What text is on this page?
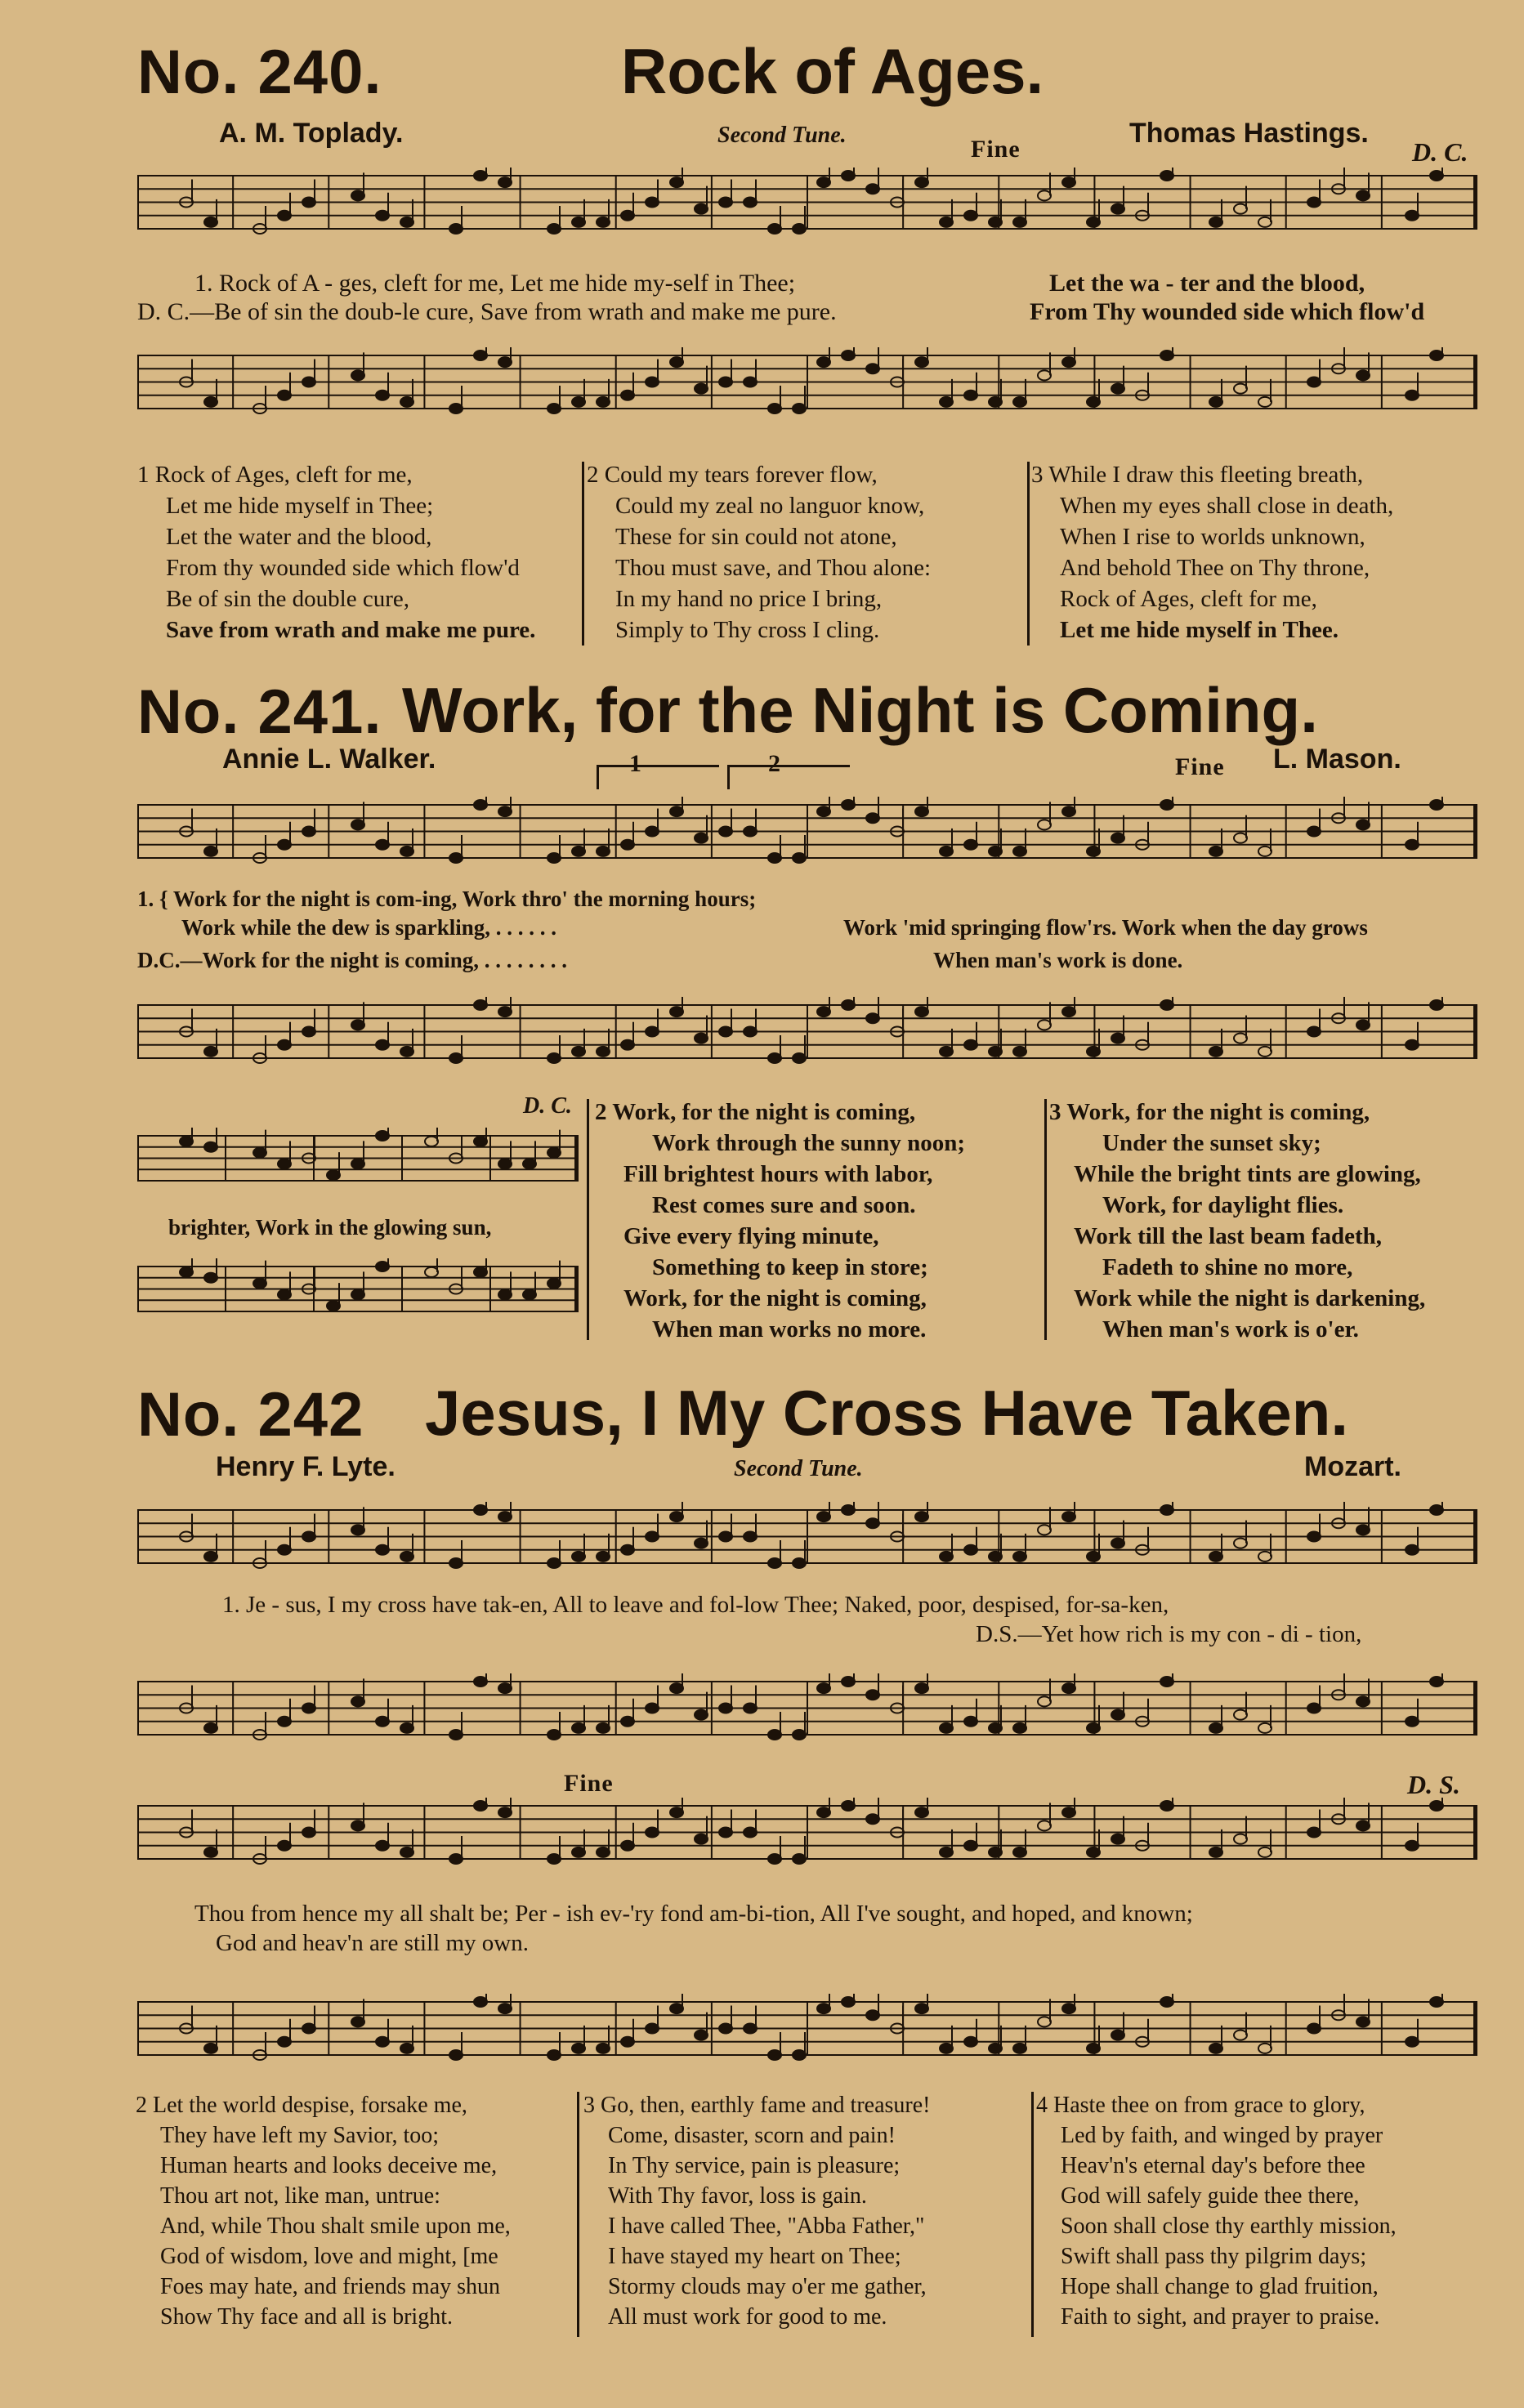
No. 240.	Rock of Ages.
A. M. Toplady.	Second Tune.
Fine
Thomas Hastings.
D. C.
1. Rock of A - ges, cleft for me, Let me hide my-self in Thee;	Let the wa - ter and the blood,
D. C.—Be of sin the doub-le cure, Save from wrath and make me pure.	From Thy wounded side which flow'd
1 Rock of Ages, cleft for me,
Let me hide myself in Thee;
Let the water and the blood,
From thy wounded side which flow'd
Be of sin the double cure,
Save from wrath and make me pure.
2 Could my tears forever flow,
Could my zeal no languor know,
These for sin could not atone,
Thou must save, and Thou alone:
In my hand no price I bring,
Simply to Thy cross I cling.
3 While I draw this fleeting breath,
When my eyes shall close in death,
When I rise to worlds unknown,
And behold Thee on Thy throne,
Rock of Ages, cleft for me,
Let me hide myself in Thee.
No. 241. Work, for the Night is Coming.
Annie L. Walker.	L. Mason.
1	2	Fine
1. { Work for the night is com-ing, Work thro' the morning hours;
Work while the dew is sparkling, . . . . . .	Work 'mid springing flow'rs. Work when the day grows
D.C.—Work for the night is coming, . . . . . . . .	When man's work is done.
D. C.
brighter, Work in the glowing sun,
2 Work, for the night is coming,
Work through the sunny noon;
Fill brightest hours with labor,
Rest comes sure and soon.
Give every flying minute,
Something to keep in store;
Work, for the night is coming,
When man works no more.
3 Work, for the night is coming,
Under the sunset sky;
While the bright tints are glowing,
Work, for daylight flies.
Work till the last beam fadeth,
Fadeth to shine no more,
Work while the night is darkening,
When man's work is o'er.
No. 242 Jesus, I My Cross Have Taken.
Henry F. Lyte.	Second Tune.	Mozart.
1. Je - sus, I my cross have tak-en, All to leave and fol-low Thee; Naked, poor, despised, for-sa-ken,
D.S.—Yet how rich is my con - di - tion,
Fine	D. S.
Thou from hence my all shalt be; Per - ish ev-'ry fond am-bi-tion, All I've sought, and hoped, and known;
God and heav'n are still my own.
2 Let the world despise, forsake me,
They have left my Savior, too;
Human hearts and looks deceive me,
Thou art not, like man, untrue:
And, while Thou shalt smile upon me,
God of wisdom, love and might, [me
Foes may hate, and friends may shun
Show Thy face and all is bright.
3 Go, then, earthly fame and treasure!
Come, disaster, scorn and pain!
In Thy service, pain is pleasure;
With Thy favor, loss is gain.
I have called Thee, "Abba Father,"
I have stayed my heart on Thee;
Stormy clouds may o'er me gather,
All must work for good to me.
4 Haste thee on from grace to glory,
Led by faith, and winged by prayer
Heav'n's eternal day's before thee
God will safely guide thee there,
Soon shall close thy earthly mission,
Swift shall pass thy pilgrim days;
Hope shall change to glad fruition,
Faith to sight, and prayer to praise.
